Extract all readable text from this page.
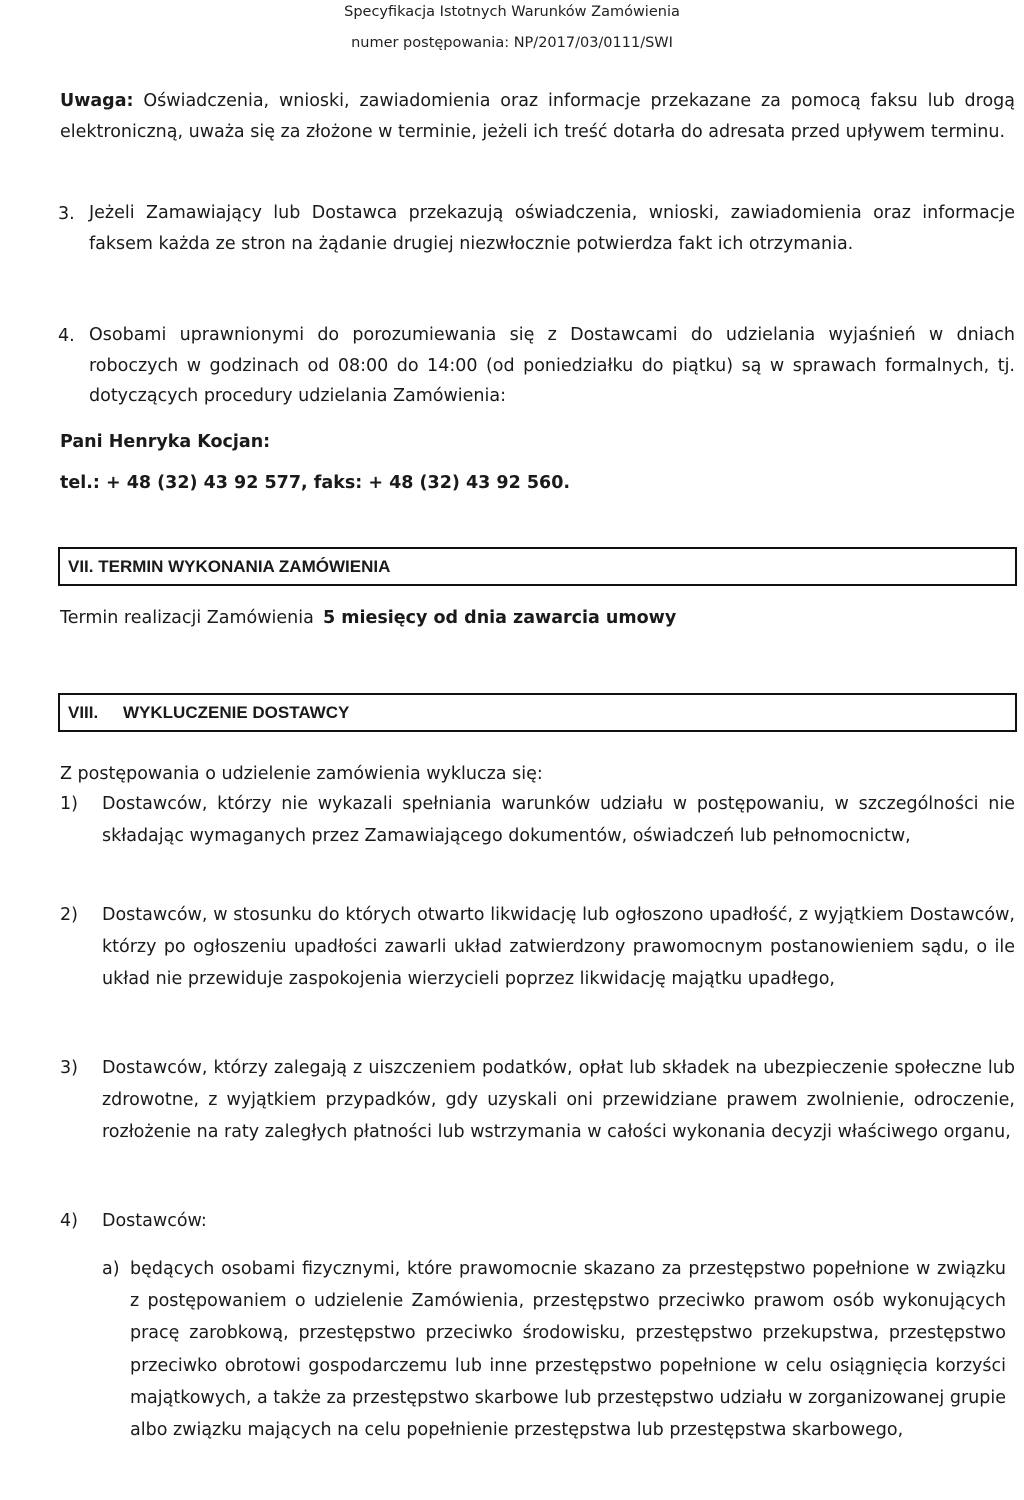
Specyfikacja Istotnych Warunków Zamówienia
numer postępowania: NP/2017/03/0111/SWI
Uwaga: Oświadczenia, wnioski, zawiadomienia oraz informacje przekazane za pomocą faksu lub drogą elektroniczną, uważa się za złożone w terminie, jeżeli ich treść dotarła do adresata przed upływem terminu.
3. Jeżeli Zamawiający lub Dostawca przekazują oświadczenia, wnioski, zawiadomienia oraz informacje faksem każda ze stron na żądanie drugiej niezwłocznie potwierdza fakt ich otrzymania.
4. Osobami uprawnionymi do porozumiewania się z Dostawcami do udzielania wyjaśnień w dniach roboczych w godzinach od 08:00 do 14:00 (od poniedziałku do piątku) są w sprawach formalnych, tj. dotyczących procedury udzielania Zamówienia:
Pani Henryka Kocjan:
tel.: + 48 (32) 43 92 577, faks: + 48 (32) 43 92 560.
VII. TERMIN WYKONANIA ZAMÓWIENIA
Termin realizacji Zamówienia 5 miesięcy od dnia zawarcia umowy
VIII. WYKLUCZENIE DOSTAWCY
Z postępowania o udzielenie zamówienia wyklucza się:
1) Dostawców, którzy nie wykazali spełniania warunków udziału w postępowaniu, w szczególności nie składając wymaganych przez Zamawiającego dokumentów, oświadczeń lub pełnomocnictw,
2) Dostawców, w stosunku do których otwarto likwidację lub ogłoszono upadłość, z wyjątkiem Dostawców, którzy po ogłoszeniu upadłości zawarli układ zatwierdzony prawomocnym postanowieniem sądu, o ile układ nie przewiduje zaspokojenia wierzycieli poprzez likwidację majątku upadłego,
3) Dostawców, którzy zalegają z uiszczeniem podatków, opłat lub składek na ubezpieczenie społeczne lub zdrowotne, z wyjątkiem przypadków, gdy uzyskali oni przewidziane prawem zwolnienie, odroczenie, rozłożenie na raty zaległych płatności lub wstrzymania w całości wykonania decyzji właściwego organu,
4) Dostawców:
a) będących osobami fizycznymi, które prawomocnie skazano za przestępstwo popełnione w związku z postępowaniem o udzielenie Zamówienia, przestępstwo przeciwko prawom osób wykonujących pracę zarobkową, przestępstwo przeciwko środowisku, przestępstwo przekupstwa, przestępstwo przeciwko obrotowi gospodarczemu lub inne przestępstwo popełnione w celu osiągnięcia korzyści majątkowych, a także za przestępstwo skarbowe lub przestępstwo udziału w zorganizowanej grupie albo związku mających na celu popełnienie przestępstwa lub przestępstwa skarbowego,
